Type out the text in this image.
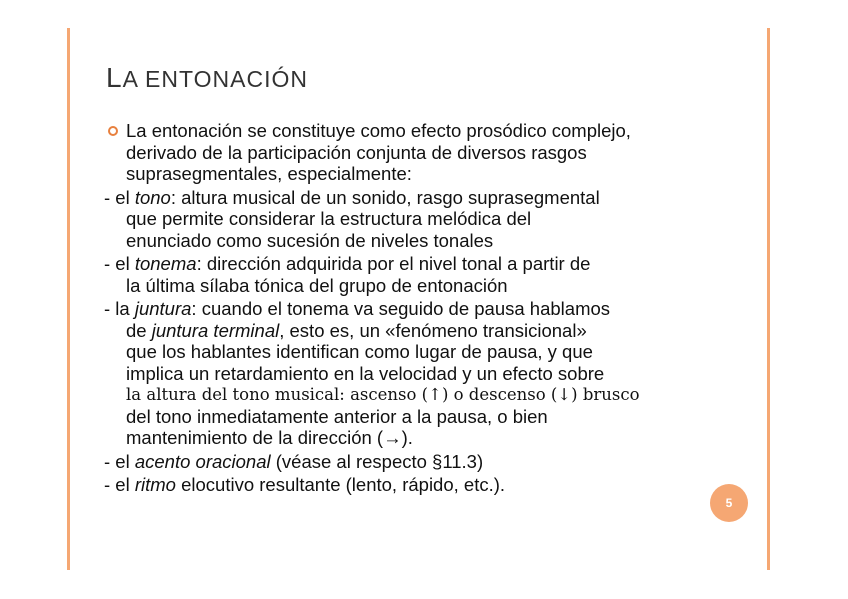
LA ENTONACIÓN
La entonación se constituye como efecto prosódico complejo,
derivado de la participación conjunta de diversos rasgos
suprasegmentales, especialmente:
- el tono: altura musical de un sonido, rasgo suprasegmental
que permite considerar la estructura melódica del
enunciado como sucesión de niveles tonales
- el tonema: dirección adquirida por el nivel tonal a partir de
la última sílaba tónica del grupo de entonación
- la juntura: cuando el tonema va seguido de pausa hablamos
de juntura terminal, esto es, un «fenómeno transicional»
que los hablantes identifican como lugar de pausa, y que
implica un retardamiento en la velocidad y un efecto sobre
la altura del tono musical: ascenso (↑) o descenso (↓) brusco
del tono inmediatamente anterior a la pausa, o bien
mantenimiento de la dirección (→).
- el acento oracional (véase al respecto §11.3)
- el ritmo elocutivo resultante (lento, rápido, etc.).
5
